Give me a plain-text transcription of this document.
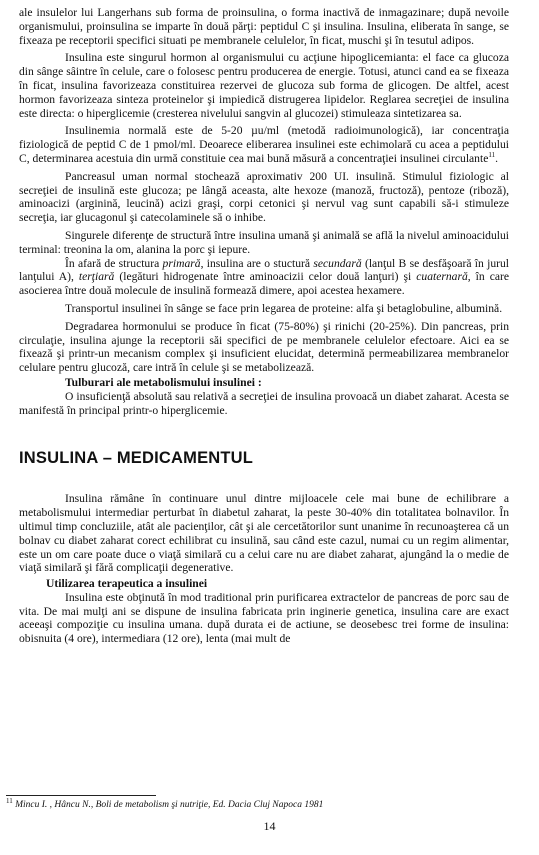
ale insulelor lui Langerhans sub forma de proinsulina, o forma inactivă de inmagazinare; după nevoile organismului, proinsulina se imparte în două părţi: peptidul C şi insulina. Insulina, eliberata în sange, se fixeaza pe receptorii specifici situati pe membranele celulelor, în ficat, muschi şi în tesutul adipos.

Insulina este singurul hormon al organismului cu acţiune hipoglicemianta: el face ca glucoza din sânge sâintre în celule, care o folosesc pentru producerea de energie. Totusi, atunci cand ea se fixeaza în ficat, insulina favorizeaza constituirea rezervei de glucoza sub forma de glicogen. De altfel, acest hormon favorizeaza sinteza proteinelor şi impiedică distrugerea lipidelor. Reglarea secreţiei de insulina este directa: o hiperglicemie (cresterea nivelului sangvin al glucozei) stimuleaza sintetizarea sa.

Insulinemia normală este de 5-20 µu/ml (metodă radioimunologică), iar concentraţia fiziologică de peptid C de 1 pmol/ml. Deoarece eliberarea insulinei este echimolară cu acea a peptidului C, determinarea acestuia din urmă constituie cea mai bună măsură a concentraţiei insulinei circulante$^{11}$.

Pancreasul uman normal stochează aproximativ 200 UI. insulină. Stimulul fiziologic al secreţiei de insulină este glucoza; pe lângă aceasta, alte hexoze (manoză, fructoză), pentoze (riboză), aminoacizi (arginină, leucină) acizi graşi, corpi cetonici şi nervul vag sunt capabili să-i stimuleze secreţia, iar glucagonul şi catecolaminele să o inhibe.

Singurele diferenţe de structură între insulina umană şi animală se află la nivelul aminoacidului terminal: treonina la om, alanina la porc şi iepure.

În afară de structura primară, insulina are o stuctură secundară (lanţul B se desfăşoară în jurul lanţului A), terţiară (legături hidrogenate între aminoacizii celor două lanţuri) şi cuaternară, în care asocierea între două molecule de insulină formează dimere, apoi acestea hexamere.

Transportul insulinei în sânge se face prin legarea de proteine: alfa şi betaglobuline, albumină.

Degradarea hormonului se produce în ficat (75-80%) şi rinichi (20-25%). Din pancreas, prin circulaţie, insulina ajunge la receptorii săi specifici de pe membranele celulelor efectoare. Aici ea se fixează şi printr-un mecanism complex şi insuficient elucidat, determină permeabilizarea membranelor celulare pentru glucoză, care intră în celule şi se metabolizează.

Tulburari ale metabolismului insulinei :

O insuficienţă absolută sau relativă a secreţiei de insulina provoacă un diabet zaharat. Acesta se manifestă în principal printr-o hiperglicemie.

INSULINA – MEDICAMENTUL

Insulina rămâne în continuare unul dintre mijloacele cele mai bune de echilibrare a metabolismului intermediar perturbat în diabetul zaharat, la peste 30-40% din totalitatea bolnavilor. În ultimul timp concluziile, atât ale pacienţilor, cât şi ale cercetătorilor sunt unanime în recunoaşterea că un bolnav cu diabet zaharat corect echilibrat cu insulină, sau când este cazul, numai cu un regim alimentar, este un om care poate duce o viaţă similară cu a celui care nu are diabet zaharat, ajungând la o medie de viaţă similară şi fără complicaţii degenerative.

Utilizarea terapeutica a insulinei

Insulina este obţinută în mod traditional prin purificarea extractelor de pancreas de porc sau de vita. De mai mulţi ani se dispune de insulina fabricata prin inginerie genetica, insulina care are exact aceeaşi compoziţie cu insulina umana. după durata ei de actiune, se deosebesc trei forme de insulina: obisnuita (4 ore), intermediara (12 ore), lenta (mai mult de

$^{11}$ Mincu I. , Hâncu N., Boli de metabolism şi nutriţie, Ed. Dacia Cluj Napoca 1981
14
